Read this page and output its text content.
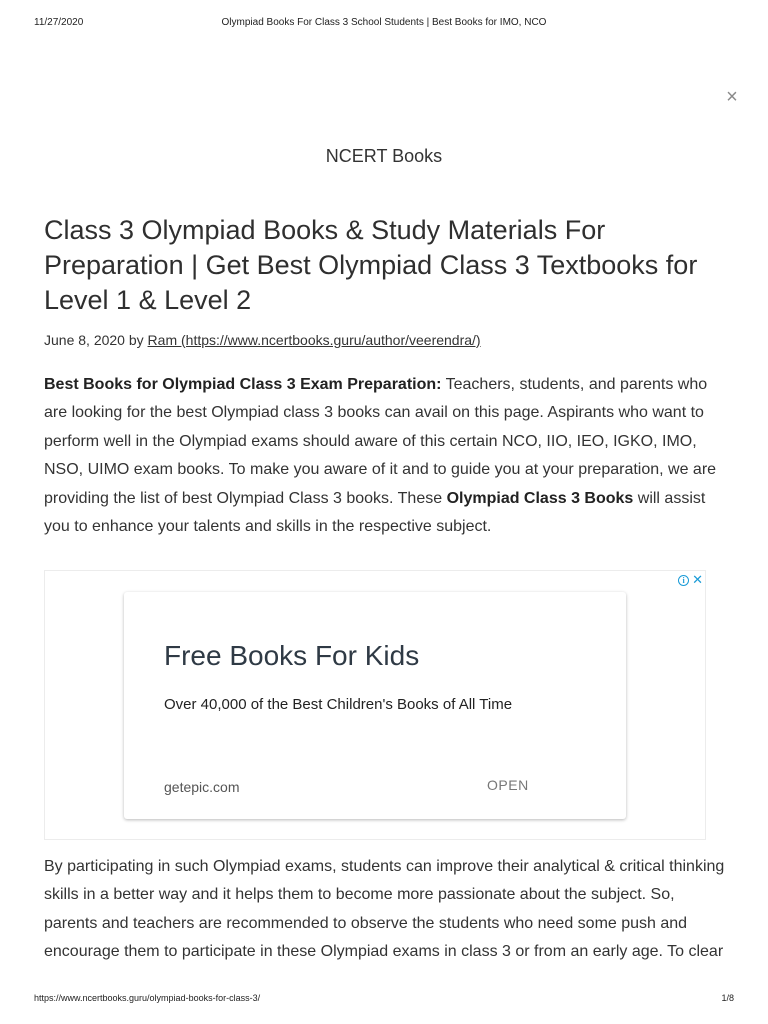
11/27/2020	Olympiad Books For Class 3 School Students | Best Books for IMO, NCO
×
NCERT Books
Class 3 Olympiad Books & Study Materials For Preparation | Get Best Olympiad Class 3 Textbooks for Level 1 & Level 2
June 8, 2020 by Ram (https://www.ncertbooks.guru/author/veerendra/)

Best Books for Olympiad Class 3 Exam Preparation: Teachers, students, and parents who are looking for the best Olympiad class 3 books can avail on this page. Aspirants who want to perform well in the Olympiad exams should aware of this certain NCO, IIO, IEO, IGKO, IMO, NSO, UIMO exam books. To make you aware of it and to guide you at your preparation, we are providing the list of best Olympiad Class 3 books. These Olympiad Class 3 Books will assist you to enhance your talents and skills in the respective subject.

i ✕
Free Books For Kids
Over 40,000 of the Best Children's Books of All Time
getepic.com	OPEN

By participating in such Olympiad exams, students can improve their analytical & critical thinking skills in a better way and it helps them to become more passionate about the subject. So, parents and teachers are recommended to observe the students who need some push and encourage them to participate in these Olympiad exams in class 3 or from an early age. To clear

https://www.ncertbooks.guru/olympiad-books-for-class-3/	1/8
